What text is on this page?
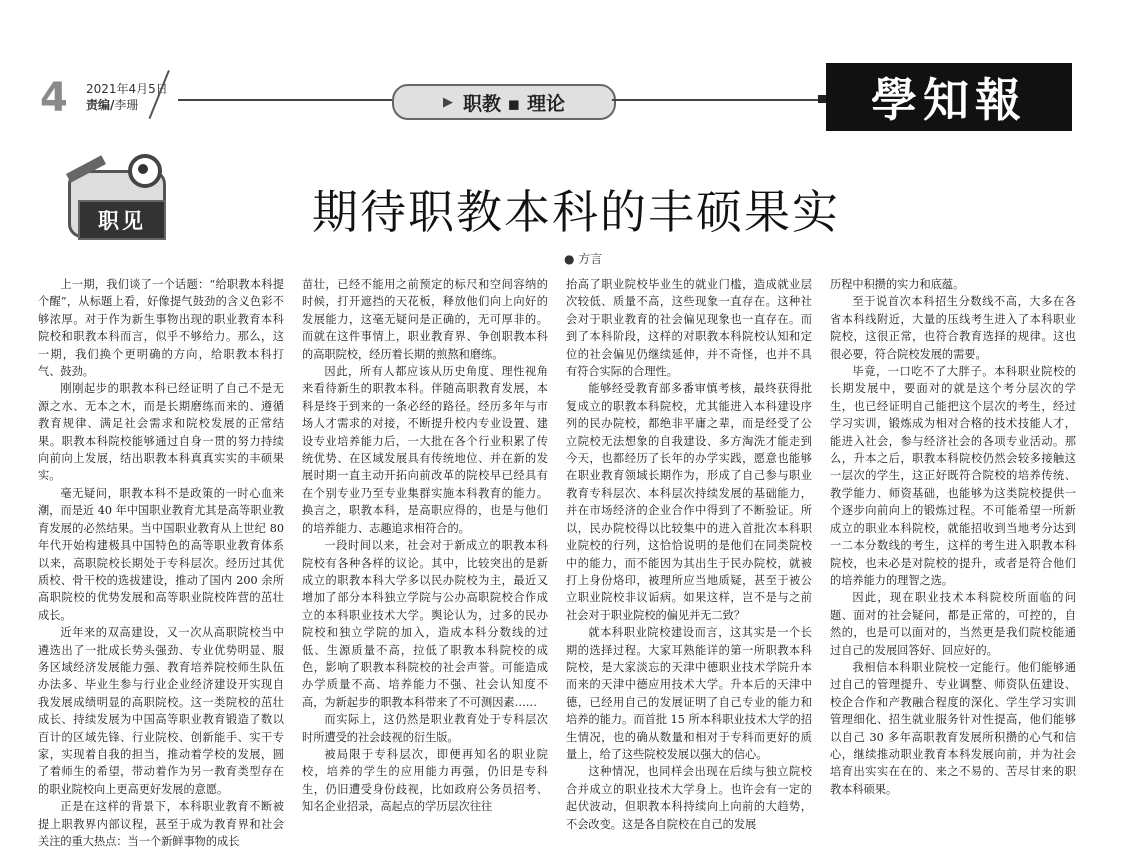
4 2021年4月5日
责编/李珊	▶ 职教 ▪ 理论	學知報
职见	期待职教本科的丰硕果实
● 方言

上一期，我们谈了一个话题：“给职教本科提个醒”，从标题上看，好像提气鼓劲的含义色彩不够浓厚。对于作为新生事物出现的职业教育本科院校和职教本科而言，似乎不够给力。那么，这一期，我们换个更明确的方向，给职教本科打气、鼓劲。

刚刚起步的职教本科已经证明了自己不是无源之水、无本之木，而是长期磨练而来的、遵循教育规律、满足社会需求和院校发展的正常结果。职教本科院校能够通过自身一贯的努力持续向前向上发展，结出职教本科真真实实的丰硕果实。

毫无疑问，职教本科不是政策的一时心血来潮，而是近 40 年中国职业教育尤其是高等职业教育发展的必然结果。当中国职业教育从上世纪 80 年代开始构建极具中国特色的高等职业教育体系以来，高职院校长期处于专科层次。经历过其优质校、骨干校的选拔建设，推动了国内 200 余所高职院校的优势发展和高等职业院校阵营的茁壮成长。

近年来的双高建设，又一次从高职院校当中遴选出了一批成长势头强劲、专业优势明显、服务区域经济发展能力强、教育培养院校师生队伍办法多、毕业生参与行业企业经济建设开实现自我发展成绩明显的高职院校。这一类院校的茁壮成长、持续发展为中国高等职业教育锻造了数以百计的区域先锋、行业院校、创新能手、实干专家，实现着自我的担当，推动着学校的发展，圆了着师生的希望，带动着作为另一教育类型存在的职业院校向上更高更好发展的意愿。

正是在这样的背景下，本科职业教育不断被提上职教界内部议程，甚至于成为教育界和社会关注的重大热点：当一个新鲜事物的成长

苗壮，已经不能用之前预定的标尺和空间容纳的时候，打开遮挡的天花板，释放他们向上向好的发展能力，这毫无疑问是正确的，无可厚非的。而就在这件事情上，职业教育界、争创职教本科的高职院校，经历着长期的煎熬和磨练。

因此，所有人都应该从历史角度、理性视角来看待新生的职教本科。伴随高职教育发展，本科是终于到来的一条必经的路径。经历多年与市场人才需求的对接，不断提升校内专业设置、建设专业培养能力后，一大批在各个行业积累了传统优势、在区域发展具有传统地位、并在新的发展时期一直主动开拓向前改革的院校早已经具有在个别专业乃至专业集群实施本科教育的能力。换言之，职教本科，是高职应得的，也是与他们的培养能力、志趣追求相符合的。

一段时间以来，社会对于新成立的职教本科院校有各种各样的议论。其中，比较突出的是新成立的职教本科大学多以民办院校为主，最近又增加了部分本科独立学院与公办高职院校合作成立的本科职业技术大学。舆论认为，过多的民办院校和独立学院的加入，造成本科分数线的过低、生源质量不高，拉低了职教本科院校的成色，影响了职教本科院校的社会声誉。可能造成办学质量不高、培养能力不强、社会认知度不高，为新起步的职教本科带来了不可测因素……

而实际上，这仍然是职业教育处于专科层次时所遭受的社会歧视的衍生版。

被局限于专科层次，即便再知名的职业院校，培养的学生的应用能力再强，仍旧是专科生，仍旧遭受身份歧视，比如政府公务员招考、知名企业招录，高起点的学历层次往往

抬高了职业院校毕业生的就业门槛，造成就业层次较低、质量不高，这些现象一直存在。这种社会对于职业教育的社会偏见现象也一直存在。而到了本科阶段，这样的对职教本科院校认知和定位的社会偏见仍继续延伸，并不奇怪，也并不具有符合实际的合理性。

能够经受教育部多番审慎考核，最终获得批复成立的职教本科院校，尤其能进入本科建设序列的民办院校，都绝非平庸之辈，而是经受了公立院校无法想象的自我建设、多方淘洗才能走到今天，也都经历了长年的办学实践，愿意也能够在职业教育领域长期作为，形成了自己参与职业教育专科层次、本科层次持续发展的基础能力，并在市场经济的企业合作中得到了不断验证。所以，民办院校得以比较集中的进入首批次本科职业院校的行列，这恰恰说明的是他们在同类院校中的能力，而不能因为其出生于民办院校，就被打上身份烙印，被理所应当地质疑，甚至于被公立职业院校非议诟病。如果这样，岂不是与之前社会对于职业院校的偏见并无二致？

就本科职业院校建设而言，这其实是一个长期的选择过程。大家耳熟能详的第一所职教本科院校，是大家淡忘的天津中德职业技术学院升本而来的天津中德应用技术大学。升本后的天津中德，已经用自己的发展证明了自己专业的能力和培养的能力。而首批 15 所本科职业技术大学的招生情况，也的确从数量和相对于专科而更好的质量上，给了这些院校发展以强大的信心。

这种情况，也同样会出现在后续与独立院校合并成立的职业技术大学身上。也许会有一定的起伏波动，但职教本科持续向上向前的大趋势，不会改变。这是各自院校在自己的发展

历程中积攒的实力和底蕴。

至于说首次本科招生分数线不高，大多在各省本科线附近，大量的压线考生进入了本科职业院校，这很正常，也符合教育选择的规律。这也很必要，符合院校发展的需要。

毕竟，一口吃不了大胖子。本科职业院校的长期发展中，要面对的就是这个考分层次的学生，也已经证明自己能把这个层次的考生，经过学习实训，锻炼成为相对合格的技术技能人才，能进入社会，参与经济社会的各项专业活动。那么，升本之后，职教本科院校仍然会较多接触这一层次的学生，这正好既符合院校的培养传统、教学能力、师资基础，也能够为这类院校提供一个逐步向前向上的锻炼过程。不可能希望一所新成立的职业本科院校，就能招收到当地考分达到一二本分数线的考生，这样的考生进入职教本科院校，也未必是对院校的提升，或者是符合他们的培养能力的理智之选。

因此，现在职业技术本科院校所面临的问题、面对的社会疑问，都是正常的，可控的，自然的，也是可以面对的，当然更是我们院校能通过自己的发展回答好、回应好的。

我相信本科职业院校一定能行。他们能够通过自己的管理提升、专业调整、师资队伍建设、校企合作和产教融合程度的深化、学生学习实训管理细化、招生就业服务针对性提高，他们能够以自己 30 多年高职教育发展所积攒的心气和信心，继续推动职业教育本科发展向前，并为社会培育出实实在在的、来之不易的、苦尽甘来的职教本科硕果。
